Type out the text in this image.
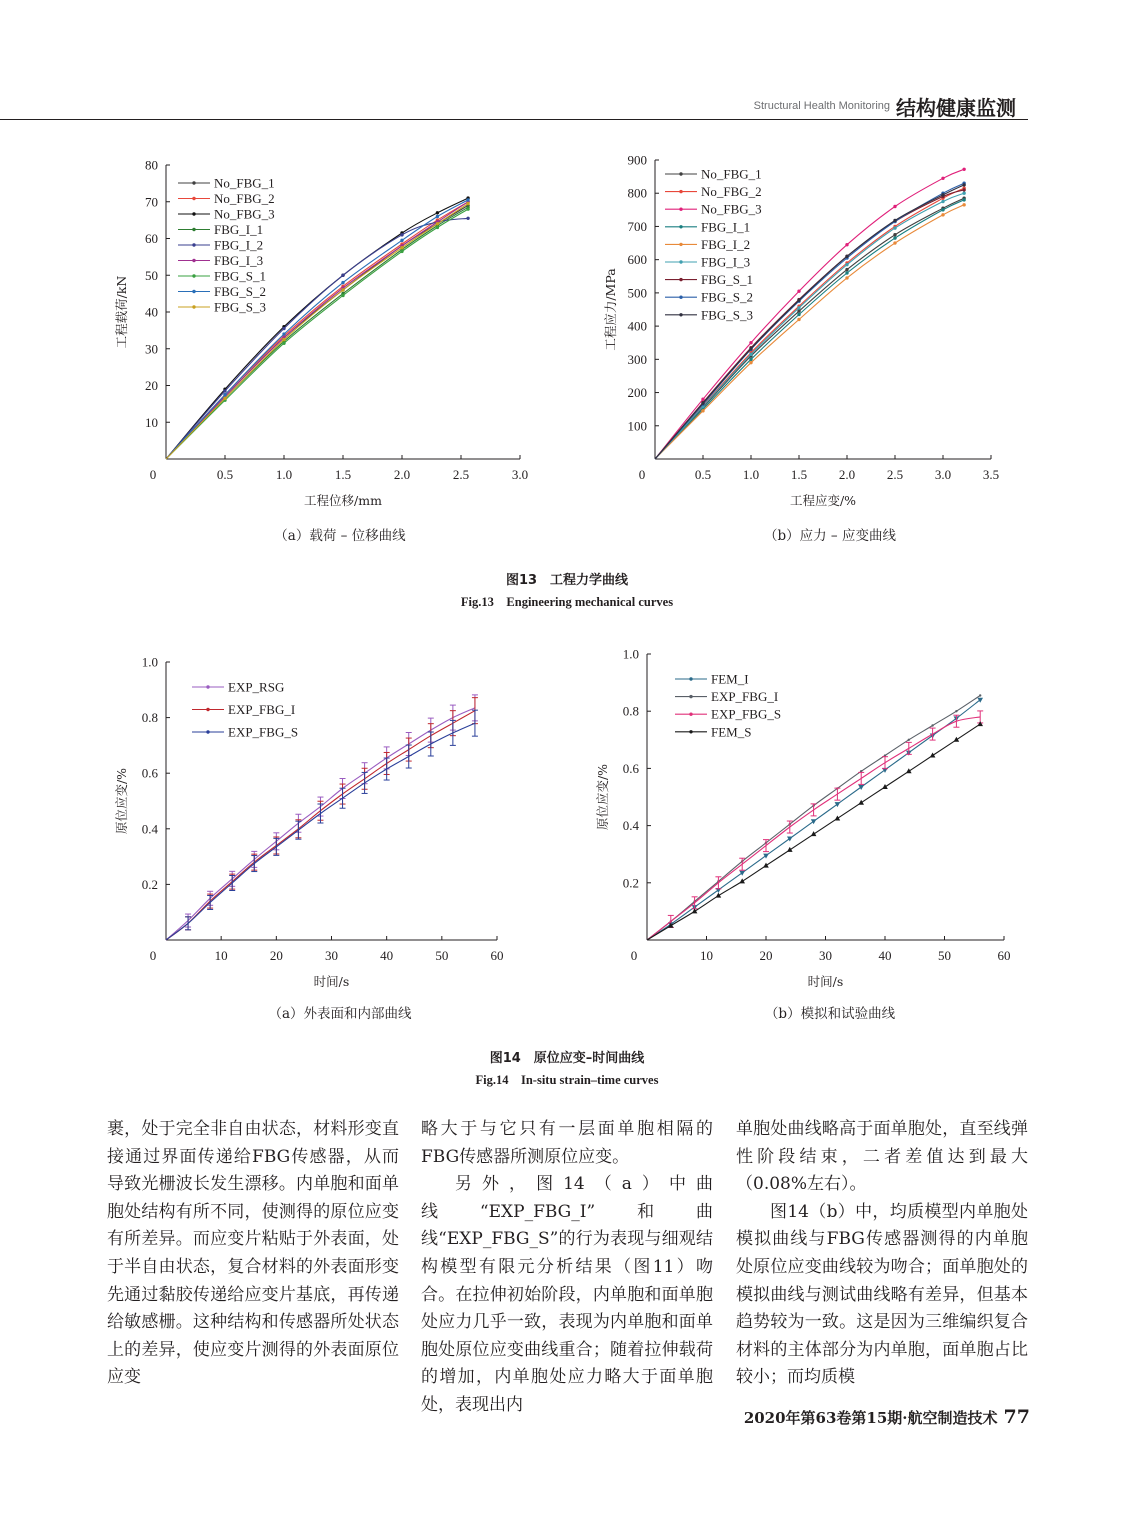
Structural Health Monitoring 结构健康监测
0	0.5	1.0	1.5	2.0	2.5	3.0
10
20
30
40
50
60
70
80
工程位移/mm
工程载荷/kN
No_FBG_1
No_FBG_2
No_FBG_3
FBG_I_1
FBG_I_2
FBG_I_3
FBG_S_1
FBG_S_2
FBG_S_3
0	0.5 1.0 1.5 2.0 2.5 3.0 3.5
100
200
300
400
500
600
700
800
900
工程应变/%
工程应力/MPa
No_FBG_1
No_FBG_2
No_FBG_3
FBG_I_1
FBG_I_2
FBG_I_3
FBG_S_1
FBG_S_2
FBG_S_3
（a）载荷 – 位移曲线	（b）应力 – 应变曲线
图13　工程力学曲线
Fig.13　Engineering mechanical curves
0	10	20	30	40	50	60
0.2
0.4
0.6
0.8
1.0
时间/s
原位应变/%
EXP_RSG
EXP_FBG_I
EXP_FBG_S
0	10	20	30	40	50	60
0.2
0.4
0.6
0.8
1.0
时间/s
原位应变/%
FEM_I
EXP_FBG_I
EXP_FBG_S
FEM_S
（a）外表面和内部曲线	（b）模拟和试验曲线
图14　原位应变–时间曲线
Fig.14　In-situ strain–time curves

裹，处于完全非自由状态，材料形变直接通过界面传递给FBG传感器，从而导致光栅波长发生漂移。内单胞和面单胞处结构有所不同，使测得的原位应变有所差异。而应变片粘贴于外表面，处于半自由状态，复合材料的外表面形变先通过黏胶传递给应变片基底，再传递给敏感栅。这种结构和传感器所处状态上的差异，使应变片测得的外表面原位应变

略大于与它只有一层面单胞相隔的FBG传感器所测原位应变。

另外，图14（a）中曲线“EXP_FBG_I”和曲线“EXP_FBG_S”的行为表现与细观结构模型有限元分析结果（图11）吻合。在拉伸初始阶段，内单胞和面单胞处应力几乎一致，表现为内单胞和面单胞处原位应变曲线重合；随着拉伸载荷的增加，内单胞处应力略大于面单胞处，表现出内

单胞处曲线略高于面单胞处，直至线弹性阶段结束，二者差值达到最大（0.08%左右）。

图14（b）中，均质模型内单胞处模拟曲线与FBG传感器测得的内单胞处原位应变曲线较为吻合；面单胞处的模拟曲线与测试曲线略有差异，但基本趋势较为一致。这是因为三维编织复合材料的主体部分为内单胞，面单胞占比较小；而均质模

2020年第63卷第15期·航空制造技术 77
